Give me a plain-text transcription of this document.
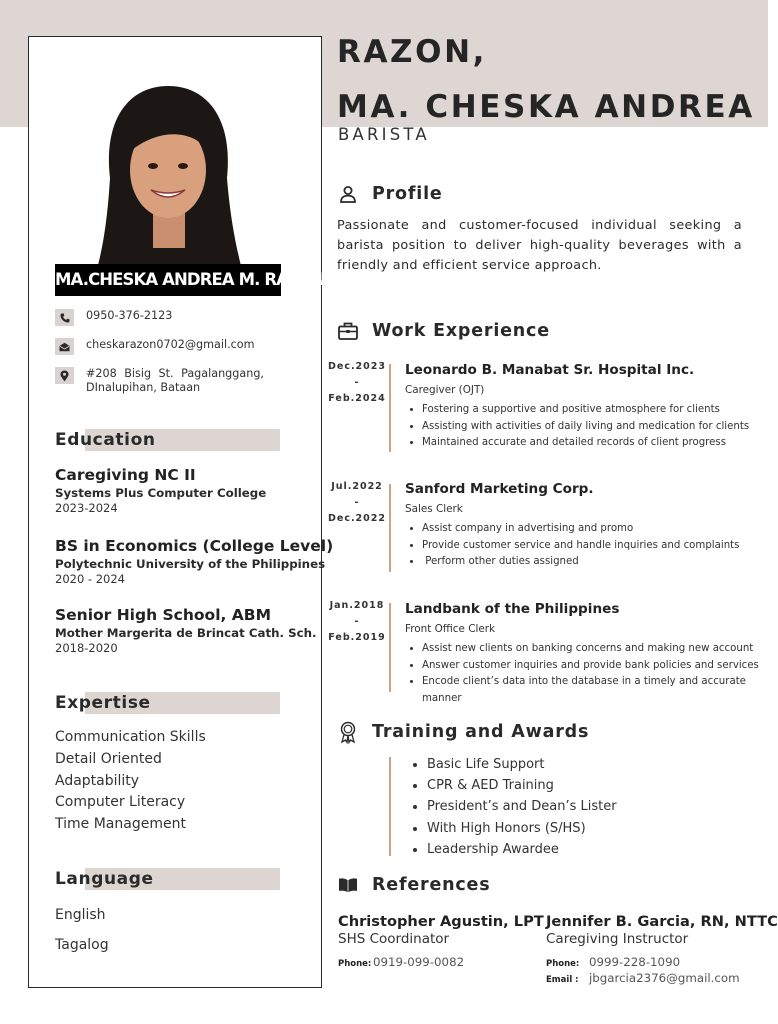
MA.CHESKA ANDREA M. RAZON
0950-376-2123
cheskarazon0702@gmail.com
#208 Bisig St. Pagalanggang,
DInalupihan, Bataan
Education
Caregiving NC II
Systems Plus Computer College
2023-2024
BS in Economics (College Level)
Polytechnic University of the Philippines
2020 - 2024
Senior High School, ABM
Mother Margerita de Brincat Cath. Sch.
2018-2020
Expertise
Communication Skills
Detail Oriented
Adaptability
Computer Literacy
Time Management
Language
English
Tagalog
RAZON,
MA. CHESKA ANDREA
BARISTA
Profile
Passionate and customer-focused individual seeking a barista position to deliver high-quality beverages with a friendly and efficient service approach.
Work Experience
Dec.2023
-
Feb.2024
Leonardo B. Manabat Sr. Hospital Inc.
Caregiver (OJT)
• Fostering a supportive and positive atmosphere for clients
• Assisting with activities of daily living and medication for clients
• Maintained accurate and detailed records of client progress
Jul.2022
-
Dec.2022
Sanford Marketing Corp.
Sales Clerk
• Assist company in advertising and promo
• Provide customer service and handle inquiries and complaints
•  Perform other duties assigned
Jan.2018
-
Feb.2019
Landbank of the Philippines
Front Office Clerk
• Assist new clients on banking concerns and making new account
• Answer customer inquiries and provide bank policies and services
• Encode client’s data into the database in a timely and accurate manner
Training and Awards
• Basic Life Support
• CPR & AED Training
• President’s and Dean’s Lister
• With High Honors (S/HS)
• Leadership Awardee
References
Christopher Agustin, LPT
SHS Coordinator
Phone: 0919-099-0082
Jennifer B. Garcia, RN, NTTC
Caregiving Instructor
Phone: 0999-228-1090
Email : jbgarcia2376@gmail.com
